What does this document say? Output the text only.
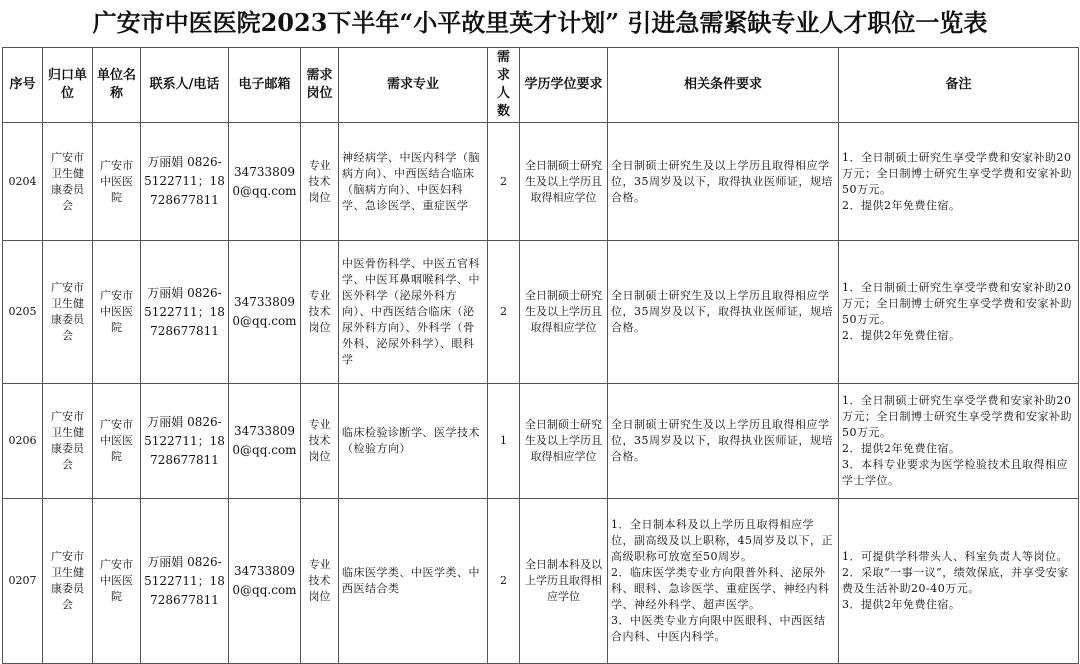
广安市中医医院2023下半年“小平故里英才计划” 引进急需紧缺专业人才职位一览表
序号	归口单位	单位名称	联系人/电话	电子邮箱	需求岗位	需求专业	需求人数	学历学位要求	相关条件要求	备注
0204	广安市卫生健康委员会	广安市中医医院	万丽娟 0826-5122711；18728677811	347338090@qq.com	专业技术岗位	神经病学、中医内科学（脑病方向）、中西医结合临床（脑病方向）、中医妇科学、急诊医学、重症医学	2	全日制硕士研究生及以上学历且取得相应学位	全日制硕士研究生及以上学历且取得相应学位，35周岁及以下，取得执业医师证，规培合格。	1．全日制硕士研究生享受学费和安家补助20万元；全日制博士研究生享受学费和安家补助50万元。
2．提供2年免费住宿。
0205	广安市卫生健康委员会	广安市中医医院	万丽娟 0826-5122711；18728677811	347338090@qq.com	专业技术岗位	中医骨伤科学、中医五官科学、中医耳鼻咽喉科学、中医外科学（泌尿外科方向）、中西医结合临床（泌尿外科方向）、外科学（骨外科、泌尿外科学）、眼科学	2	全日制硕士研究生及以上学历且取得相应学位	全日制硕士研究生及以上学历且取得相应学位，35周岁及以下，取得执业医师证，规培合格。	1．全日制硕士研究生享受学费和安家补助20万元；全日制博士研究生享受学费和安家补助50万元。
2．提供2年免费住宿。
0206	广安市卫生健康委员会	广安市中医医院	万丽娟 0826-5122711；18728677811	347338090@qq.com	专业技术岗位	临床检验诊断学、医学技术（检验方向）	1	全日制硕士研究生及以上学历且取得相应学位	全日制硕士研究生及以上学历且取得相应学位，35周岁及以下，取得执业医师证，规培合格。	1．全日制硕士研究生享受学费和安家补助20万元；全日制博士研究生享受学费和安家补助50万元。
2．提供2年免费住宿。
3．本科专业要求为医学检验技术且取得相应学士学位。
0207	广安市卫生健康委员会	广安市中医医院	万丽娟 0826-5122711；18728677811	347338090@qq.com	专业技术岗位	临床医学类、中医学类、中西医结合类	2	全日制本科及以上学历且取得相应学位	1．全日制本科及以上学历且取得相应学位，副高级及以上职称，45周岁及以下，正高级职称可放宽至50周岁。
2．临床医学类专业方向限普外科、泌尿外科、眼科、急诊医学、重症医学、神经内科学、神经外科学、超声医学。
3．中医类专业方向限中医眼科、中西医结合内科、中医内科学。	1．可提供学科带头人、科室负责人等岗位。
2．采取“一事一议”，绩效保底，并享受安家费及生活补助20-40万元。
3．提供2年免费住宿。
